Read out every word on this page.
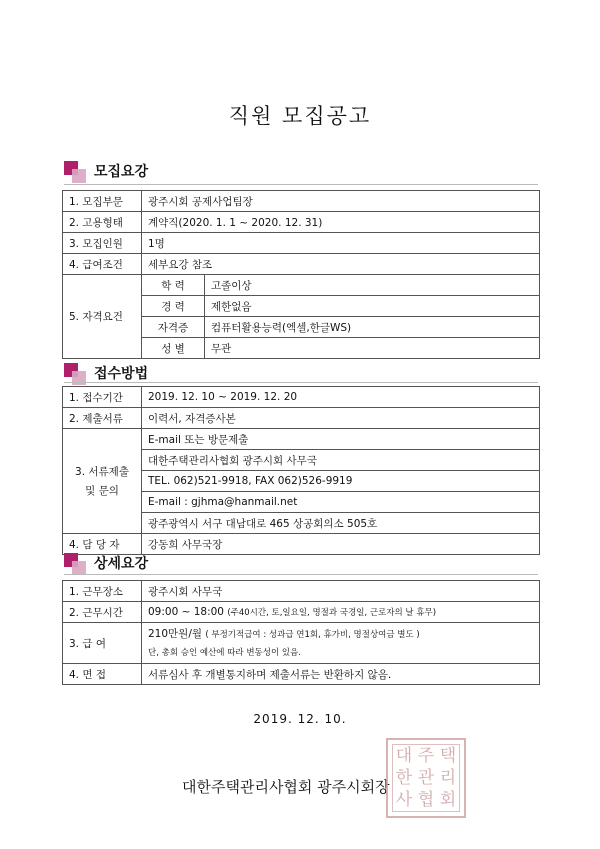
직원 모집공고
모집요강
1. 모집부문	광주시회 공제사업팀장	
2. 고용형태	계약직(2020. 1. 1 ~ 2020. 12. 31)	
3. 모집인원	1명	
4. 급여조건	세부요강 참조	
5. 자격요건	학 력	고졸이상
	경 력	제한없음
	자격증	컴퓨터활용능력(엑셀,한글WS)
	성 별	무관
접수방법
1. 접수기간	2019. 12. 10 ~ 2019. 12. 20
2. 제출서류	이력서, 자격증사본

3. 서류제출
및 문의	E-mail 또는 방문제출
	대한주택관리사협회 광주시회 사무국
	TEL. 062)521-9918, FAX 062)526-9919
	E-mail : gjhma@hanmail.net
	광주광역시 서구 대남대로 465 상공회의소 505호
4. 담 당 자	강동희 사무국장
상세요강
1. 근무장소	광주시회 사무국
2. 근무시간	09:00 ~ 18:00 (주40시간, 토,일요일, 명절과 국경일, 근로자의 날 휴무)
3. 급 여	210만원/월 ( 부정기적급여 : 성과급 연1회, 휴가비, 명절상여금 별도 )
단, 총회 승인 예산에 따라 변동성이 있음.

4. 면 접	서류심사 후 개별통지하며 제출서류는 반환하지 않음.
2019. 12. 10.
대한주택관리사협회 광주시회장
대 주 택
한 관 리
사 협 회
